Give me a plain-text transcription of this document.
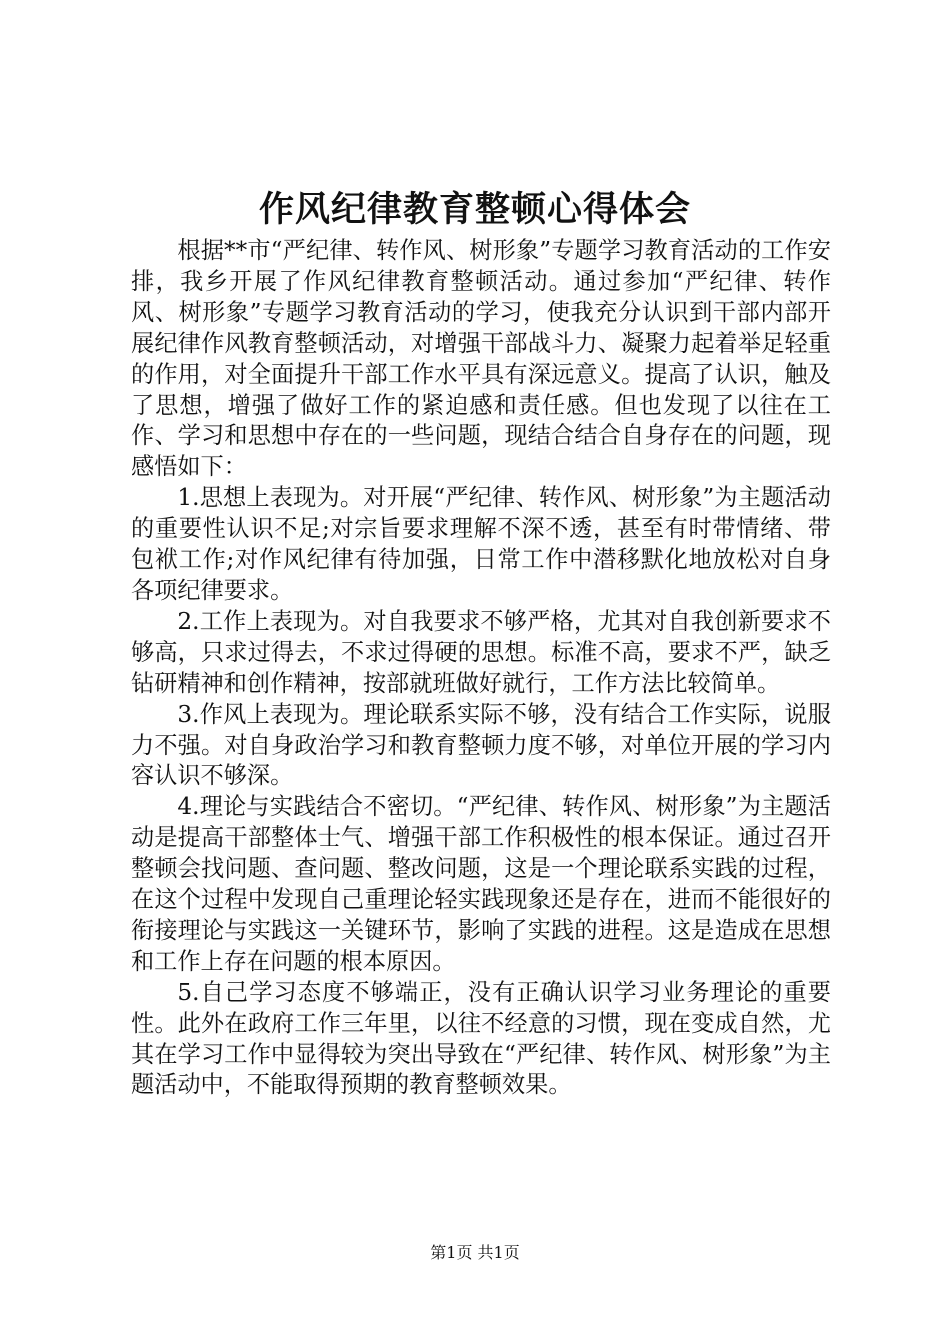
作风纪律教育整顿心得体会

根据**市“严纪律、转作风、树形象”专题学习教育活动的工作安排，我乡开展了作风纪律教育整顿活动。通过参加“严纪律、转作风、树形象”专题学习教育活动的学习，使我充分认识到干部内部开展纪律作风教育整顿活动，对增强干部战斗力、凝聚力起着举足轻重的作用，对全面提升干部工作水平具有深远意义。提高了认识，触及了思想，增强了做好工作的紧迫感和责任感。但也发现了以往在工作、学习和思想中存在的一些问题，现结合结合自身存在的问题，现感悟如下：

1.思想上表现为。对开展“严纪律、转作风、树形象”为主题活动的重要性认识不足;对宗旨要求理解不深不透，甚至有时带情绪、带包袱工作;对作风纪律有待加强，日常工作中潜移默化地放松对自身各项纪律要求。

2.工作上表现为。对自我要求不够严格，尤其对自我创新要求不够高，只求过得去，不求过得硬的思想。标准不高，要求不严，缺乏钻研精神和创作精神，按部就班做好就行，工作方法比较简单。

3.作风上表现为。理论联系实际不够，没有结合工作实际，说服力不强。对自身政治学习和教育整顿力度不够，对单位开展的学习内容认识不够深。

4.理论与实践结合不密切。“严纪律、转作风、树形象”为主题活动是提高干部整体士气、增强干部工作积极性的根本保证。通过召开整顿会找问题、查问题、整改问题，这是一个理论联系实践的过程，在这个过程中发现自己重理论轻实践现象还是存在，进而不能很好的衔接理论与实践这一关键环节，影响了实践的进程。这是造成在思想和工作上存在问题的根本原因。

5.自己学习态度不够端正，没有正确认识学习业务理论的重要性。此外在政府工作三年里，以往不经意的习惯，现在变成自然，尤其在学习工作中显得较为突出导致在“严纪律、转作风、树形象”为主题活动中，不能取得预期的教育整顿效果。

第1页 共1页
